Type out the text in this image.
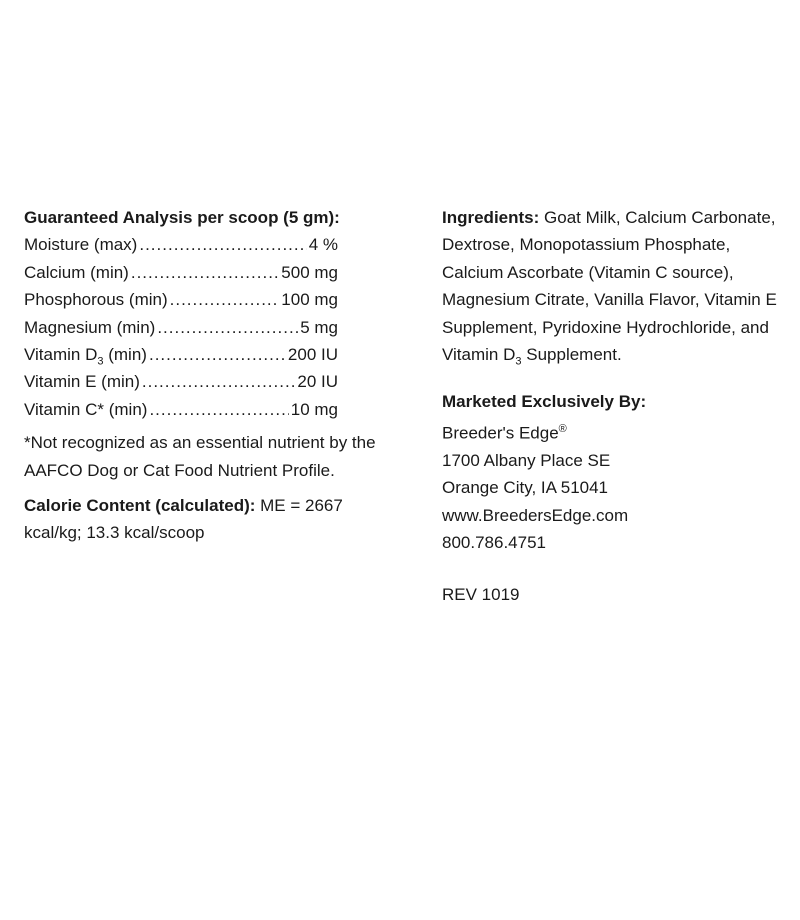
Guaranteed Analysis per scoop (5 gm):
Moisture (max) .....	4 %
Calcium (min) .....	500 mg
Phosphorous (min) .....	100 mg
Magnesium (min) .....	5 mg
Vitamin $D_3$ (min) .....	200 IU
Vitamin E (min) .....	20 IU
Vitamin C* (min) .....	10 mg
*Not recognized as an essential nutrient by the AAFCO Dog or Cat Food Nutrient Profile.
Calorie Content (calculated): ME = 2667 kcal/kg; 13.3 kcal/scoop
Ingredients: Goat Milk, Calcium Carbonate, Dextrose, Monopotassium Phosphate, Calcium Ascorbate (Vitamin C source), Magnesium Citrate, Vanilla Flavor, Vitamin E Supplement, Pyridoxine Hydrochloride, and Vitamin $D_3$ Supplement.
Marketed Exclusively By:
Breeder's Edge®
1700 Albany Place SE
Orange City, IA 51041
www.BreedersEdge.com
800.786.4751
REV 1019
